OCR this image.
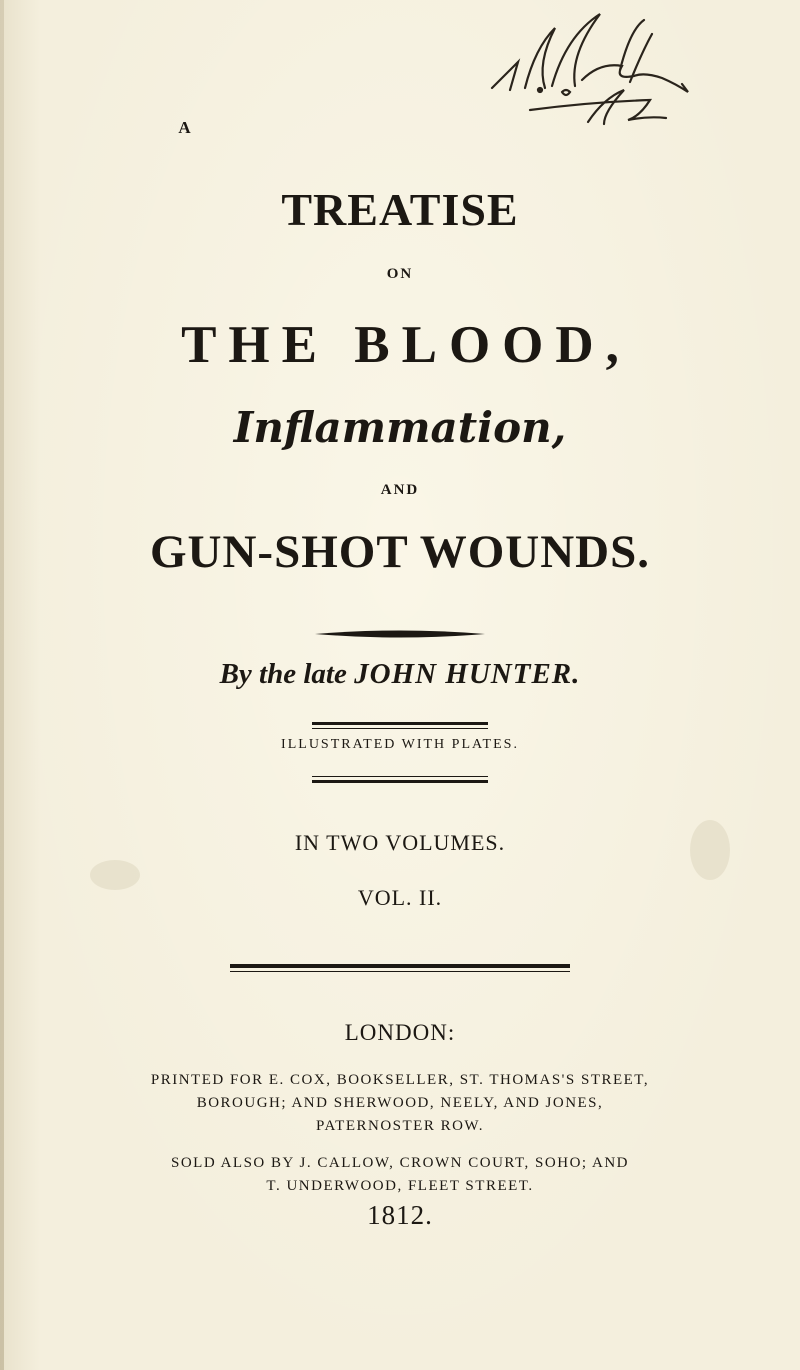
A
TREATISE
ON
THE BLOOD,
Inflammation,
AND
GUN-SHOT WOUNDS.
By the late JOHN HUNTER.
ILLUSTRATED WITH PLATES.
IN TWO VOLUMES.
VOL. II.
LONDON:
PRINTED FOR E. COX, BOOKSELLER, ST. THOMAS'S STREET,
BOROUGH; AND SHERWOOD, NEELY, AND JONES,
PATERNOSTER ROW.
SOLD ALSO BY J. CALLOW, CROWN COURT, SOHO; AND
T. UNDERWOOD, FLEET STREET.
1812.
